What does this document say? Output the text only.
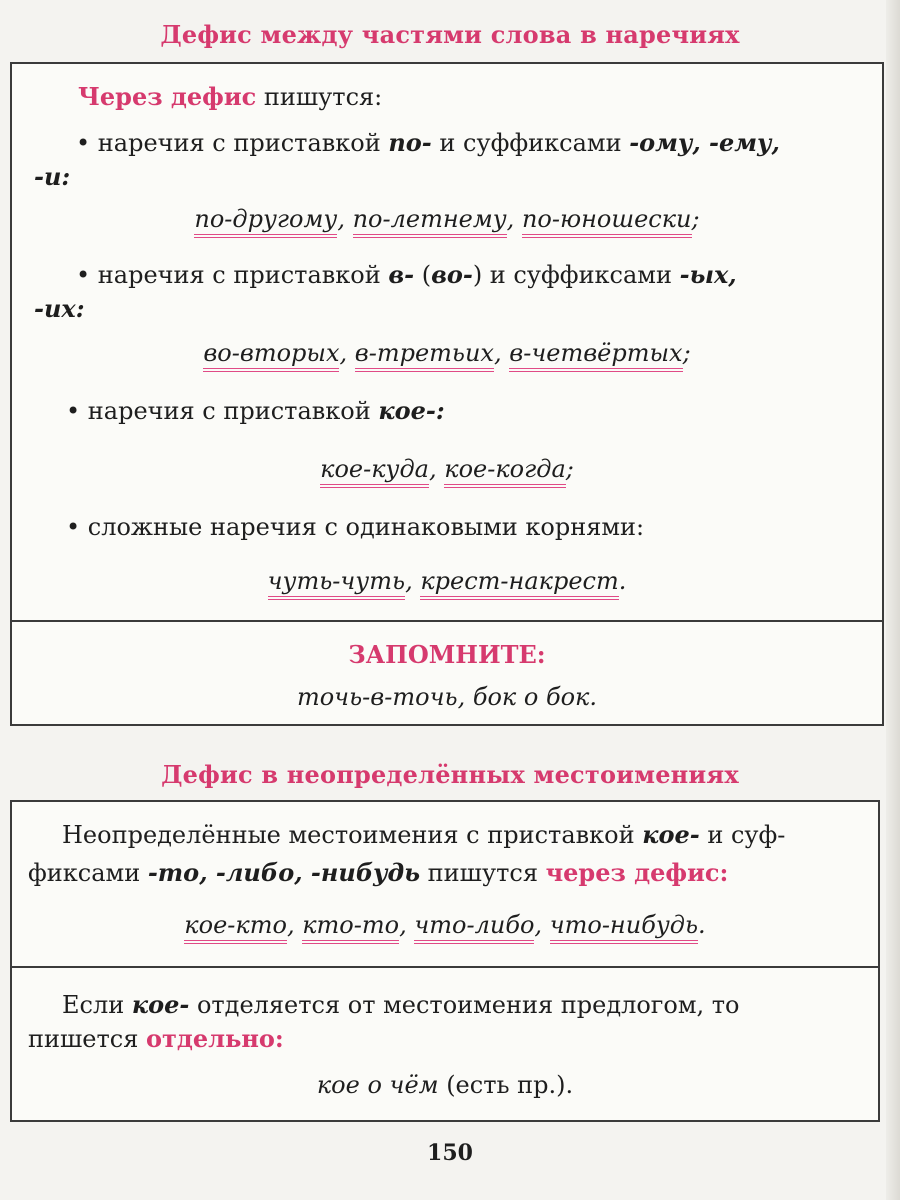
Дефис между частями слова в наречиях
Через дефис пишутся:
• наречия с приставкой по- и суффиксами -ому, -ему,
-и:
по-другому, по-летнему, по-юношески;
• наречия с приставкой в- (во-) и суффиксами -ых,
-их:
во-вторых, в-третьих, в-четвёртых;
• наречия с приставкой кое-:
кое-куда, кое-когда;
• сложные наречия с одинаковыми корнями:
чуть-чуть, крест-накрест.
ЗАПОМНИТЕ:
точь-в-точь, бок о бок.
Дефис в неопределённых местоимениях
Неопределённые местоимения с приставкой кое- и суф-
фиксами -то, -либо, -нибудь пишутся через дефис:
кое-кто, кто-то, что-либо, что-нибудь.
Если кое- отделяется от местоимения предлогом, то
пишется отдельно:
кое о чём (есть пр.).
150
